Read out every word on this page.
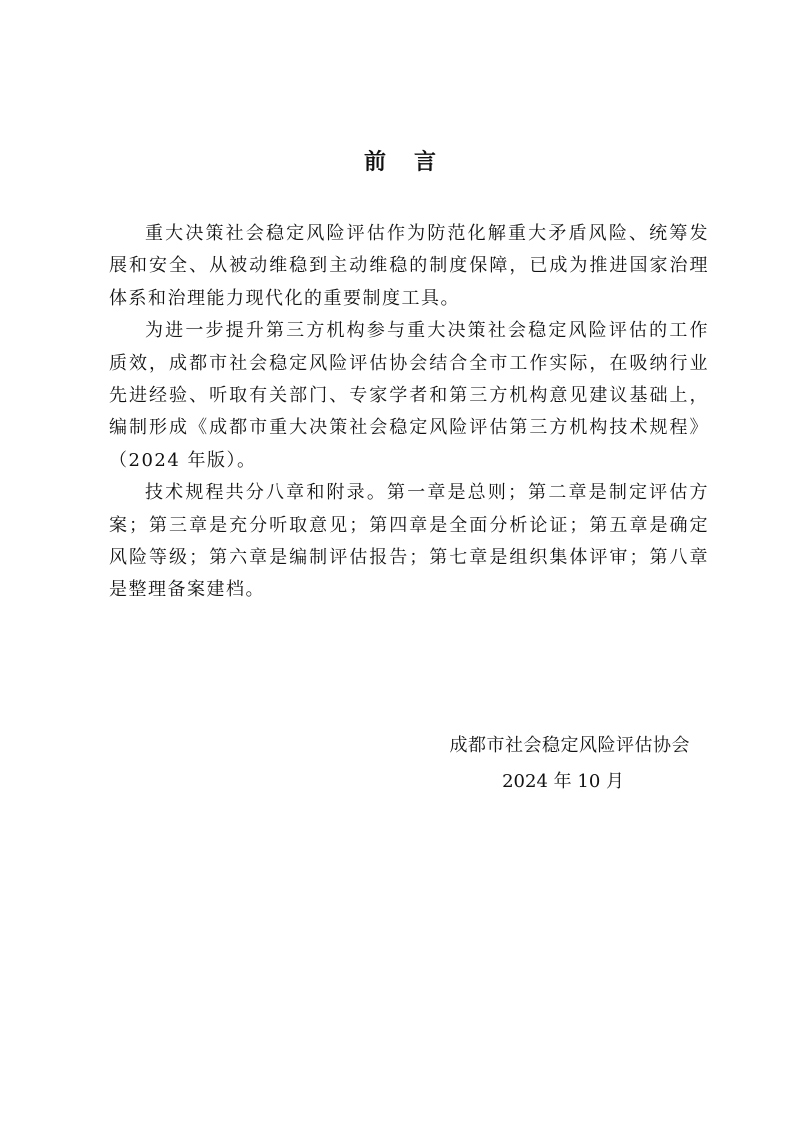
前言

重大决策社会稳定风险评估作为防范化解重大矛盾风险、统筹发展和安全、从被动维稳到主动维稳的制度保障，已成为推进国家治理体系和治理能力现代化的重要制度工具。

为进一步提升第三方机构参与重大决策社会稳定风险评估的工作质效，成都市社会稳定风险评估协会结合全市工作实际，在吸纳行业先进经验、听取有关部门、专家学者和第三方机构意见建议基础上，编制形成《成都市重大决策社会稳定风险评估第三方机构技术规程》（2024 年版）。

技术规程共分八章和附录。第一章是总则；第二章是制定评估方案；第三章是充分听取意见；第四章是全面分析论证；第五章是确定风险等级；第六章是编制评估报告；第七章是组织集体评审；第八章是整理备案建档。

成都市社会稳定风险评估协会
2024 年 10 月
